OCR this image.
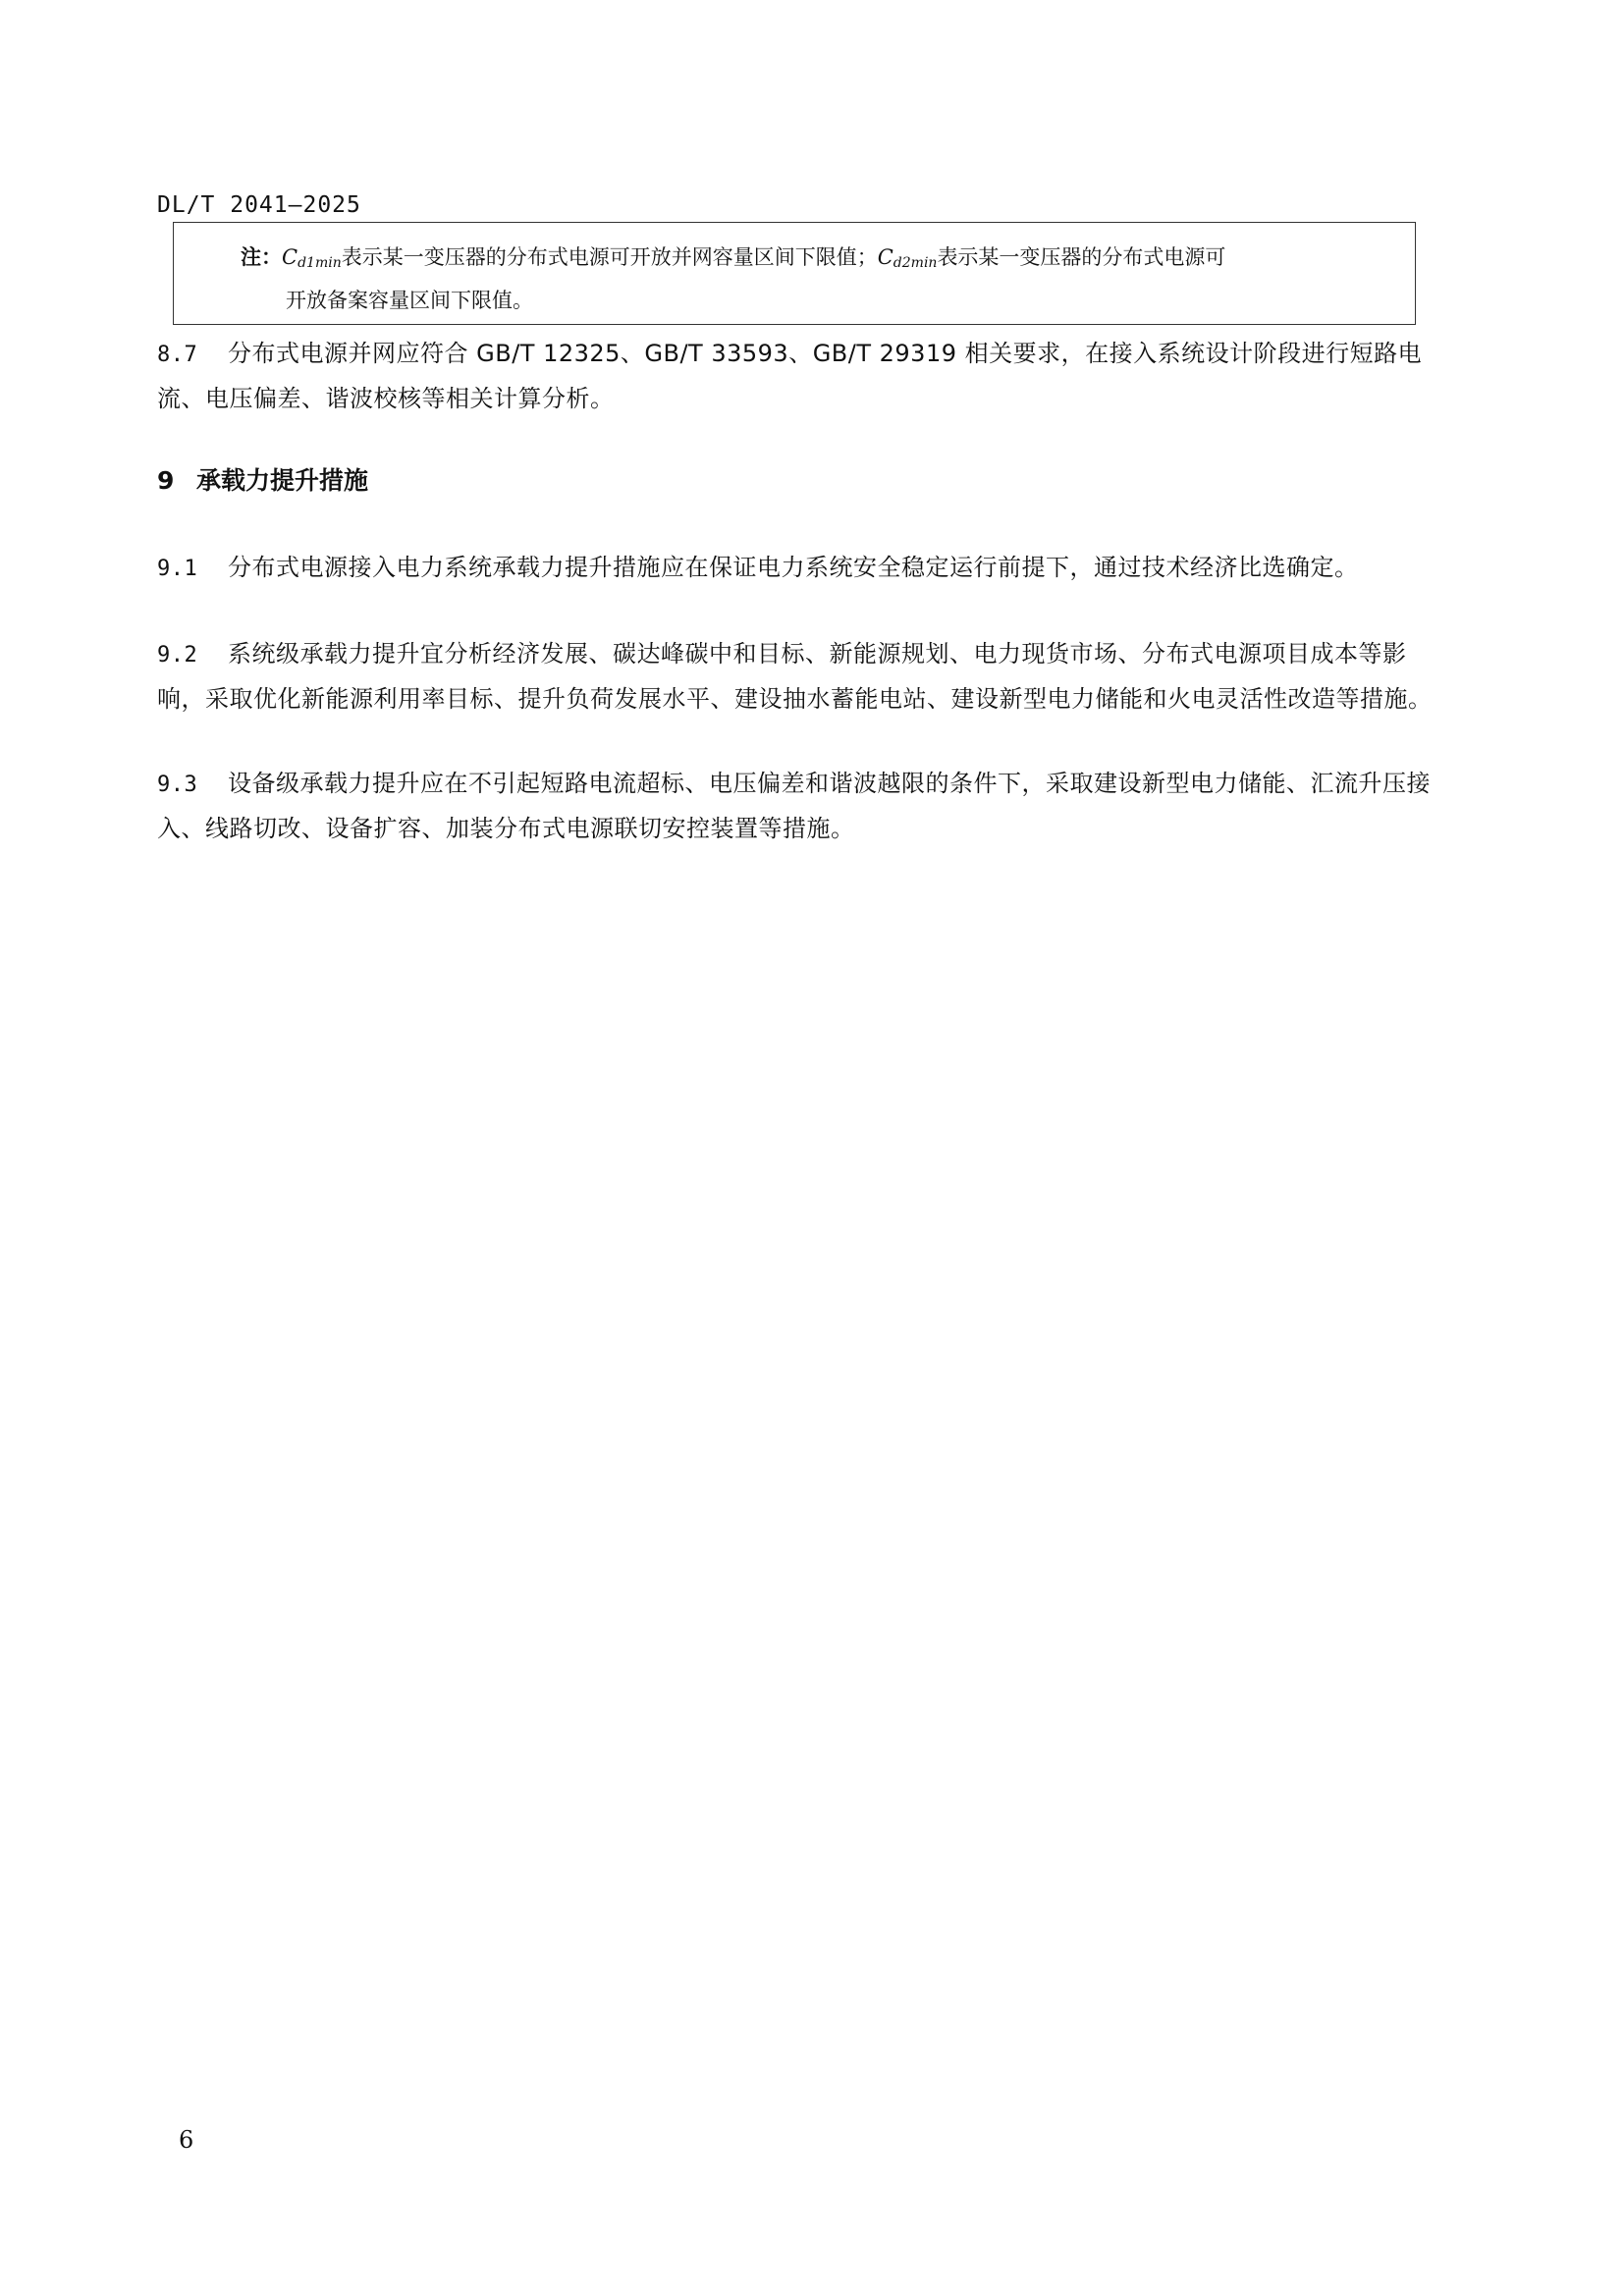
DL/T 2041—2025
注：$C_{d1min}$表示某一变压器的分布式电源可开放并网容量区间下限值；$C_{d2min}$表示某一变压器的分布式电源可
开放备案容量区间下限值。
8.7 分布式电源并网应符合 GB/T 12325、GB/T 33593、GB/T 29319 相关要求，在接入系统设计阶段进行短路电流、电压偏差、谐波校核等相关计算分析。
9 承载力提升措施
9.1 分布式电源接入电力系统承载力提升措施应在保证电力系统安全稳定运行前提下，通过技术经济比选确定。
9.2 系统级承载力提升宜分析经济发展、碳达峰碳中和目标、新能源规划、电力现货市场、分布式电源项目成本等影响，采取优化新能源利用率目标、提升负荷发展水平、建设抽水蓄能电站、建设新型电力储能和火电灵活性改造等措施。
9.3 设备级承载力提升应在不引起短路电流超标、电压偏差和谐波越限的条件下，采取建设新型电力储能、汇流升压接入、线路切改、设备扩容、加装分布式电源联切安控装置等措施。
6
